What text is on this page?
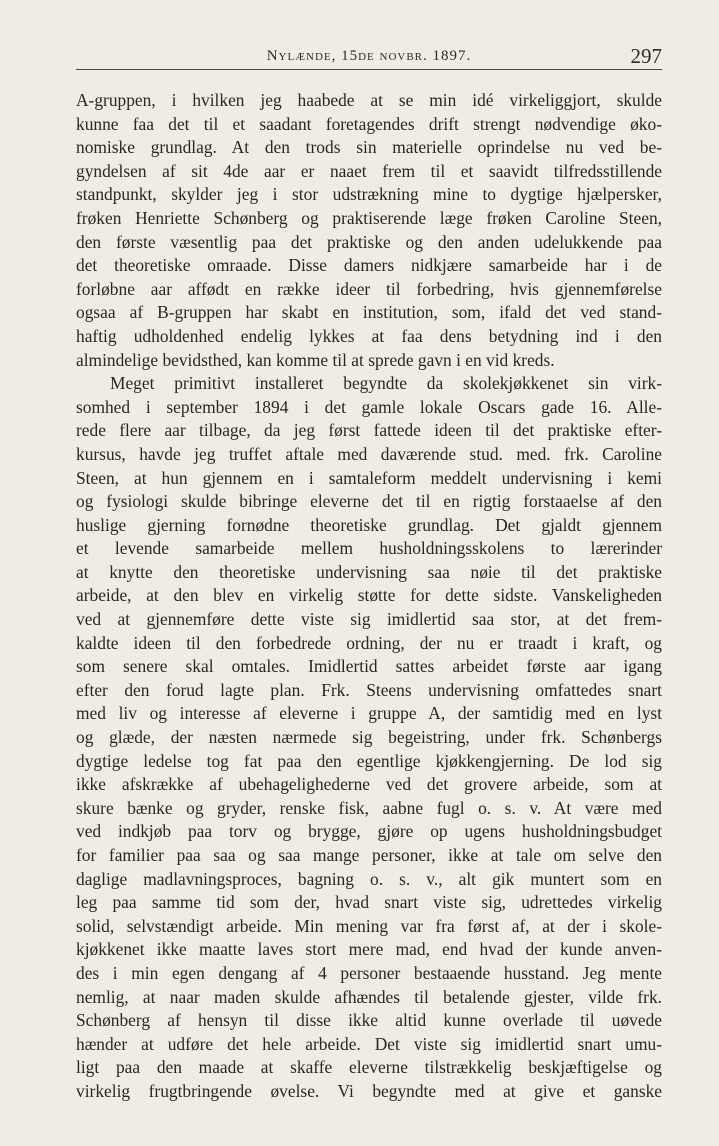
Nylænde, 15de novbr. 1897.	297
A-gruppen, i hvilken jeg haabede at se min idé virkeliggjort, skulde
kunne faa det til et saadant foretagendes drift strengt nødvendige øko-
nomiske grundlag. At den trods sin materielle oprindelse nu ved be-
gyndelsen af sit 4de aar er naaet frem til et saavidt tilfredsstillende
standpunkt, skylder jeg i stor udstrækning mine to dygtige hjælpersker,
frøken Henriette Schønberg og praktiserende læge frøken Caroline Steen,
den første væsentlig paa det praktiske og den anden udelukkende paa
det theoretiske omraade. Disse damers nidkjære samarbeide har i de
forløbne aar affødt en række ideer til forbedring, hvis gjennemførelse
ogsaa af B-gruppen har skabt en institution, som, ifald det ved stand-
haftig udholdenhed endelig lykkes at faa dens betydning ind i den
almindelige bevidsthed, kan komme til at sprede gavn i en vid kreds.
Meget primitivt installeret begyndte da skolekjøkkenet sin virk-
somhed i september 1894 i det gamle lokale Oscars gade 16. Alle-
rede flere aar tilbage, da jeg først fattede ideen til det praktiske efter-
kursus, havde jeg truffet aftale med daværende stud. med. frk. Caroline
Steen, at hun gjennem en i samtaleform meddelt undervisning i kemi
og fysiologi skulde bibringe eleverne det til en rigtig forstaaelse af den
huslige gjerning fornødne theoretiske grundlag. Det gjaldt gjennem
et levende samarbeide mellem husholdningsskolens to lærerinder
at knytte den theoretiske undervisning saa nøie til det praktiske
arbeide, at den blev en virkelig støtte for dette sidste. Vanskeligheden
ved at gjennemføre dette viste sig imidlertid saa stor, at det frem-
kaldte ideen til den forbedrede ordning, der nu er traadt i kraft, og
som senere skal omtales. Imidlertid sattes arbeidet første aar igang
efter den forud lagte plan. Frk. Steens undervisning omfattedes snart
med liv og interesse af eleverne i gruppe A, der samtidig med en lyst
og glæde, der næsten nærmede sig begeistring, under frk. Schønbergs
dygtige ledelse tog fat paa den egentlige kjøkkengjerning. De lod sig
ikke afskrække af ubehagelighederne ved det grovere arbeide, som at
skure bænke og gryder, renske fisk, aabne fugl o. s. v. At være med
ved indkjøb paa torv og brygge, gjøre op ugens husholdningsbudget
for familier paa saa og saa mange personer, ikke at tale om selve den
daglige madlavningsproces, bagning o. s. v., alt gik muntert som en
leg paa samme tid som der, hvad snart viste sig, udrettedes virkelig
solid, selvstændigt arbeide. Min mening var fra først af, at der i skole-
kjøkkenet ikke maatte laves stort mere mad, end hvad der kunde anven-
des i min egen dengang af 4 personer bestaaende husstand. Jeg mente
nemlig, at naar maden skulde afhændes til betalende gjester, vilde frk.
Schønberg af hensyn til disse ikke altid kunne overlade til uøvede
hænder at udføre det hele arbeide. Det viste sig imidlertid snart umu-
ligt paa den maade at skaffe eleverne tilstrækkelig beskjæftigelse og
virkelig frugtbringende øvelse. Vi begyndte med at give et ganske
